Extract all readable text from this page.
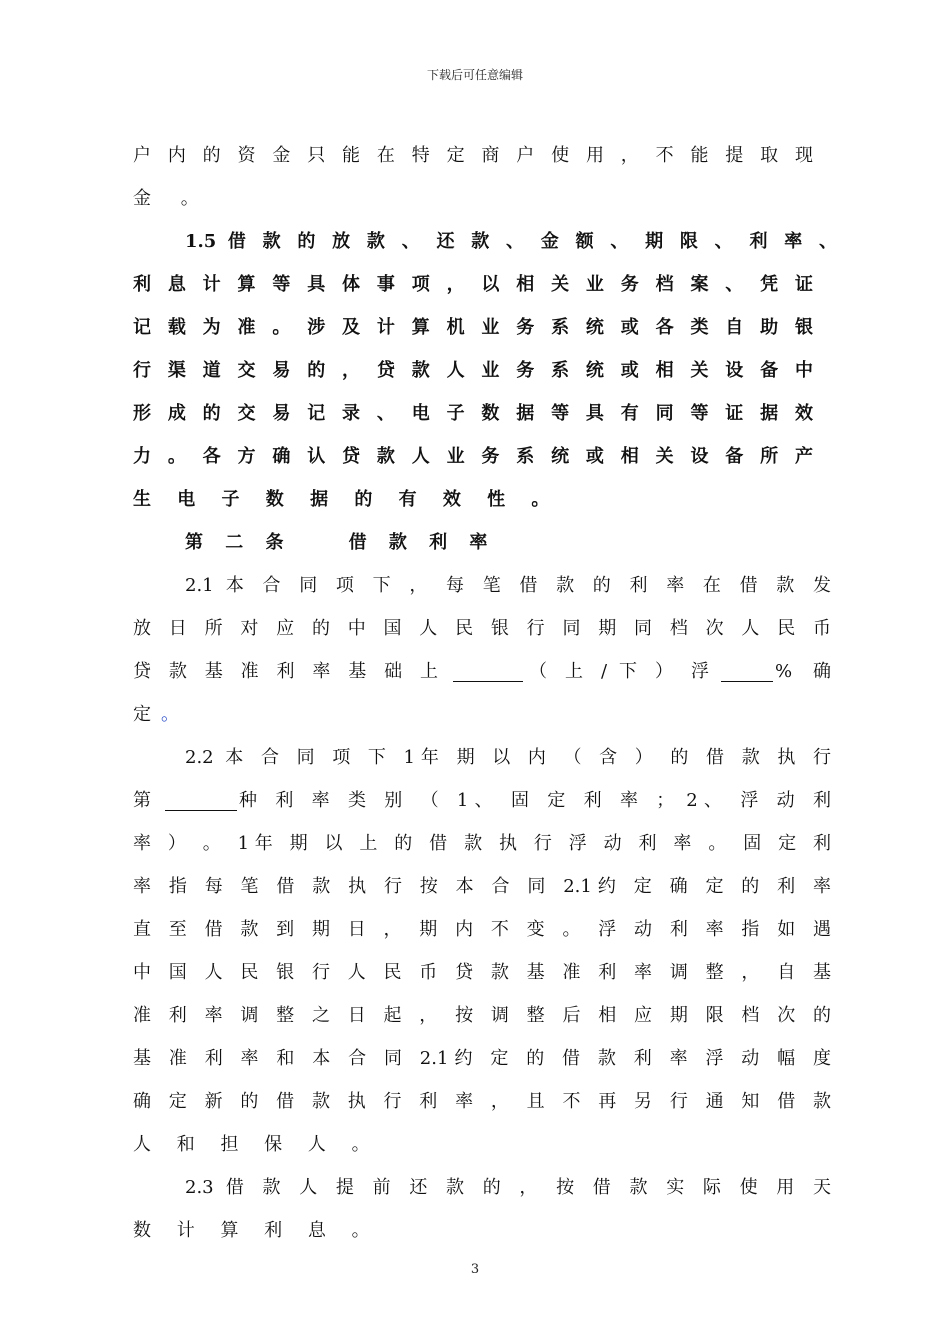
下载后可任意编辑
户 内 的 资 金 只 能 在 特 定 商 户 使 用 ， 不 能 提 取 现
金 。
1.5 借 款 的 放 款 、 还 款 、 金 额 、 期 限 、 利 率 、
利 息 计 算 等 具 体 事 项 ， 以 相 关 业 务 档 案 、 凭 证
记 载 为 准 。 涉 及 计 算 机 业 务 系 统 或 各 类 自 助 银
行 渠 道 交 易 的 ， 贷 款 人 业 务 系 统 或 相 关 设 备 中
形 成 的 交 易 记 录 、 电 子 数 据 等 具 有 同 等 证 据 效
力 。 各 方 确 认 贷 款 人 业 务 系 统 或 相 关 设 备 所 产
生 电 子 数 据 的 有 效 性 。
第 二 条    借 款 利 率
2.1 本 合 同 项 下 ， 每 笔 借 款 的 利 率 在 借 款 发
放 日 所 对 应 的 中 国 人 民 银 行 同 期 同 档 次 人 民 币
贷 款 基 准 利 率 基 础 上	（ 上 / 下 ） 浮	% 确
定 。
2.2 本 合 同 项 下 1年 期 以 内 （ 含 ） 的 借 款 执 行
第	种 利 率 类 别 （ 1、 固 定 利 率 ； 2、 浮 动 利
率 ） 。 1年 期 以 上 的 借 款 执 行 浮 动 利 率 。 固 定 利
率 指 每 笔 借 款 执 行 按 本 合 同 2.1约 定 确 定 的 利 率
直 至 借 款 到 期 日 ， 期 内 不 变 。 浮 动 利 率 指 如 遇
中 国 人 民 银 行 人 民 币 贷 款 基 准 利 率 调 整 ， 自 基
准 利 率 调 整 之 日 起 ， 按 调 整 后 相 应 期 限 档 次 的
基 准 利 率 和 本 合 同 2.1约 定 的 借 款 利 率 浮 动 幅 度
确 定 新 的 借 款 执 行 利 率 ， 且 不 再 另 行 通 知 借 款
人 和 担 保 人 。
2.3 借 款 人 提 前 还 款 的 ， 按 借 款 实 际 使 用 天
数 计 算 利 息 。
3
